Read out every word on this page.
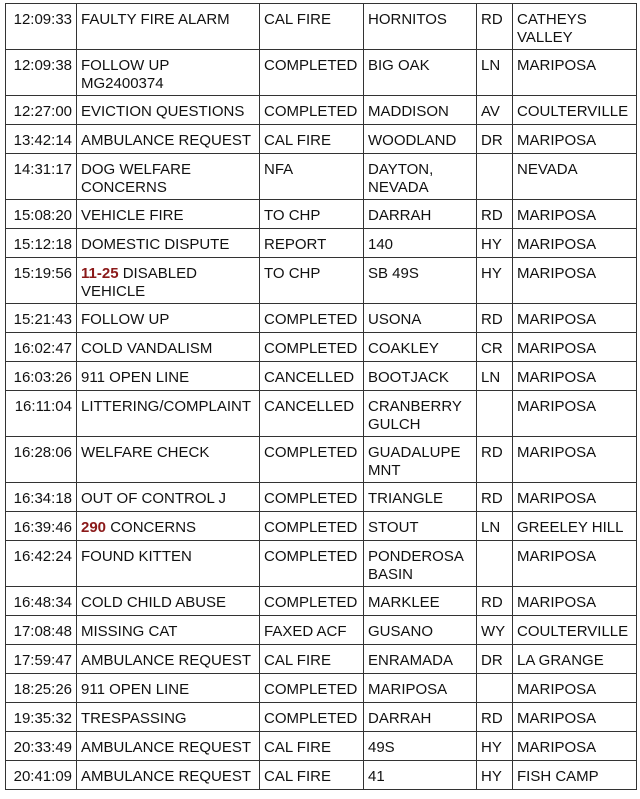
12:09:33	FAULTY FIRE ALARM	CAL FIRE	HORNITOS	RD	CATHEYS VALLEY
12:09:38	FOLLOW UP MG2400374	COMPLETED	BIG OAK	LN	MARIPOSA
12:27:00	EVICTION QUESTIONS	COMPLETED	MADDISON	AV	COULTERVILLE
13:42:14	AMBULANCE REQUEST	CAL FIRE	WOODLAND	DR	MARIPOSA
14:31:17	DOG WELFARE CONCERNS	NFA	DAYTON, NEVADA		NEVADA
15:08:20	VEHICLE FIRE	TO CHP	DARRAH	RD	MARIPOSA
15:12:18	DOMESTIC DISPUTE	REPORT	140	HY	MARIPOSA
15:19:56	11-25 DISABLED VEHICLE	TO CHP	SB 49S	HY	MARIPOSA
15:21:43	FOLLOW UP	COMPLETED	USONA	RD	MARIPOSA
16:02:47	COLD VANDALISM	COMPLETED	COAKLEY	CR	MARIPOSA
16:03:26	911 OPEN LINE	CANCELLED	BOOTJACK	LN	MARIPOSA
16:11:04	LITTERING/COMPLAINT	CANCELLED	CRANBERRY GULCH		MARIPOSA
16:28:06	WELFARE CHECK	COMPLETED	GUADALUPE MNT	RD	MARIPOSA
16:34:18	OUT OF CONTROL J	COMPLETED	TRIANGLE	RD	MARIPOSA
16:39:46	290 CONCERNS	COMPLETED	STOUT	LN	GREELEY HILL
16:42:24	FOUND KITTEN	COMPLETED	PONDEROSA BASIN		MARIPOSA
16:48:34	COLD CHILD ABUSE	COMPLETED	MARKLEE	RD	MARIPOSA
17:08:48	MISSING CAT	FAXED ACF	GUSANO	WY	COULTERVILLE
17:59:47	AMBULANCE REQUEST	CAL FIRE	ENRAMADA	DR	LA GRANGE
18:25:26	911 OPEN LINE	COMPLETED	MARIPOSA		MARIPOSA
19:35:32	TRESPASSING	COMPLETED	DARRAH	RD	MARIPOSA
20:33:49	AMBULANCE REQUEST	CAL FIRE	49S	HY	MARIPOSA
20:41:09	AMBULANCE REQUEST	CAL FIRE	41	HY	FISH CAMP
